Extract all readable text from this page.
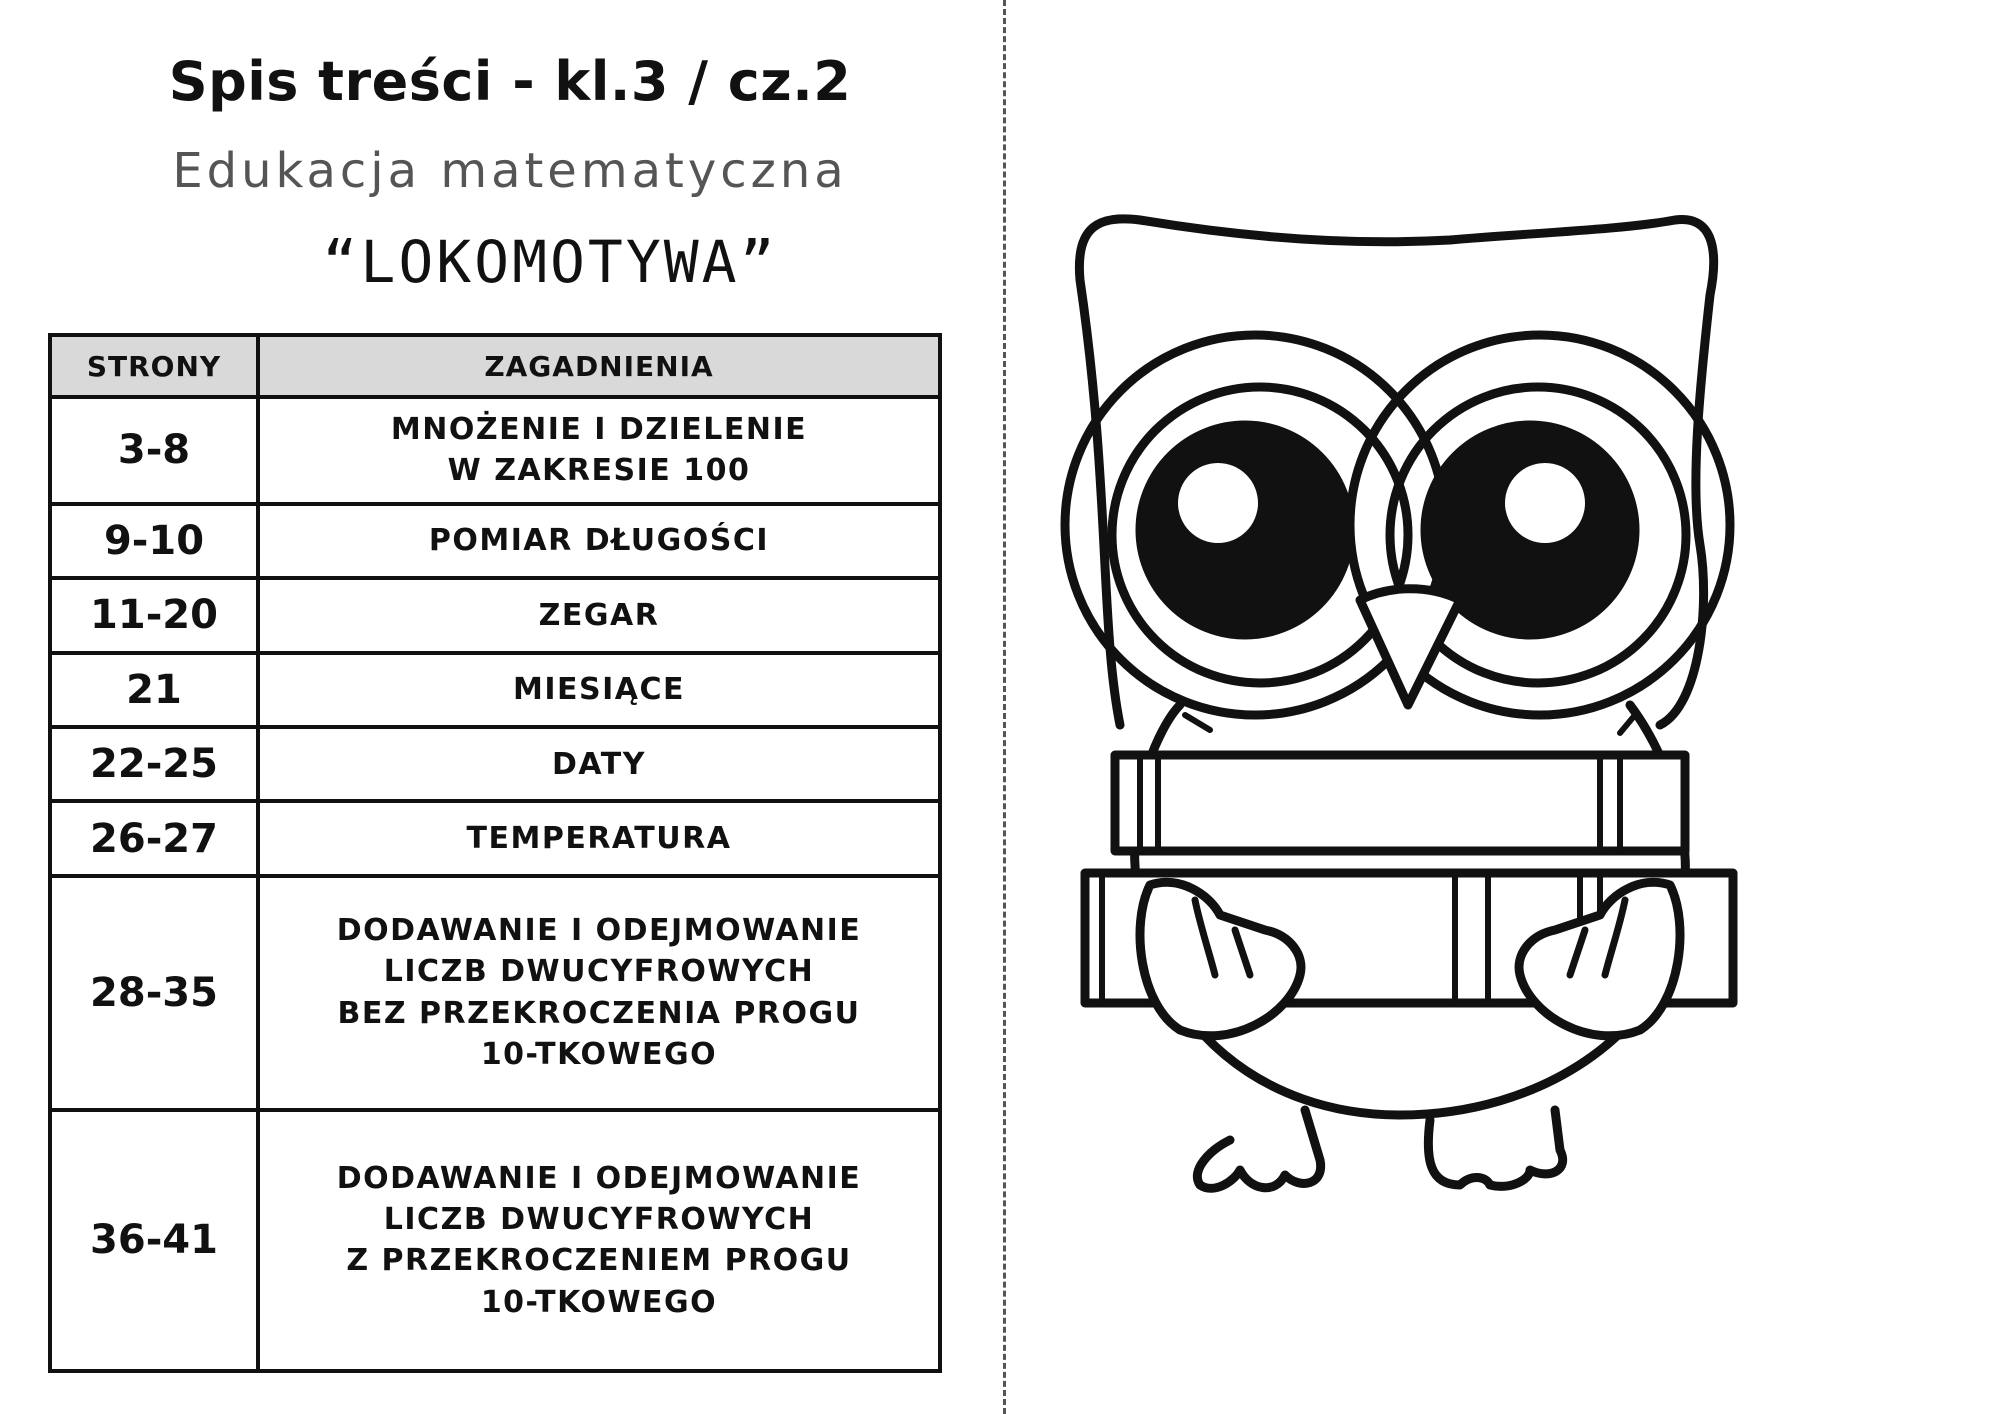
Spis treści - kl.3 / cz.2
Edukacja matematyczna
“LOKOMOTYWA”
STRONY	ZAGADNIENIA
3-8	MNOŻENIE I DZIELENIE
W ZAKRESIE 100

9-10	POMIAR DŁUGOŚCI

11-20	ZEGAR

21	MIESIĄCE

22-25	DATY

26-27	TEMPERATURA

28-35	DODAWANIE I ODEJMOWANIE
LICZB DWUCYFROWYCH
BEZ PRZEKROCZENIA PROGU
10-TKOWEGO

36-41	DODAWANIE I ODEJMOWANIE
LICZB DWUCYFROWYCH
Z PRZEKROCZENIEM PROGU
10-TKOWEGO
